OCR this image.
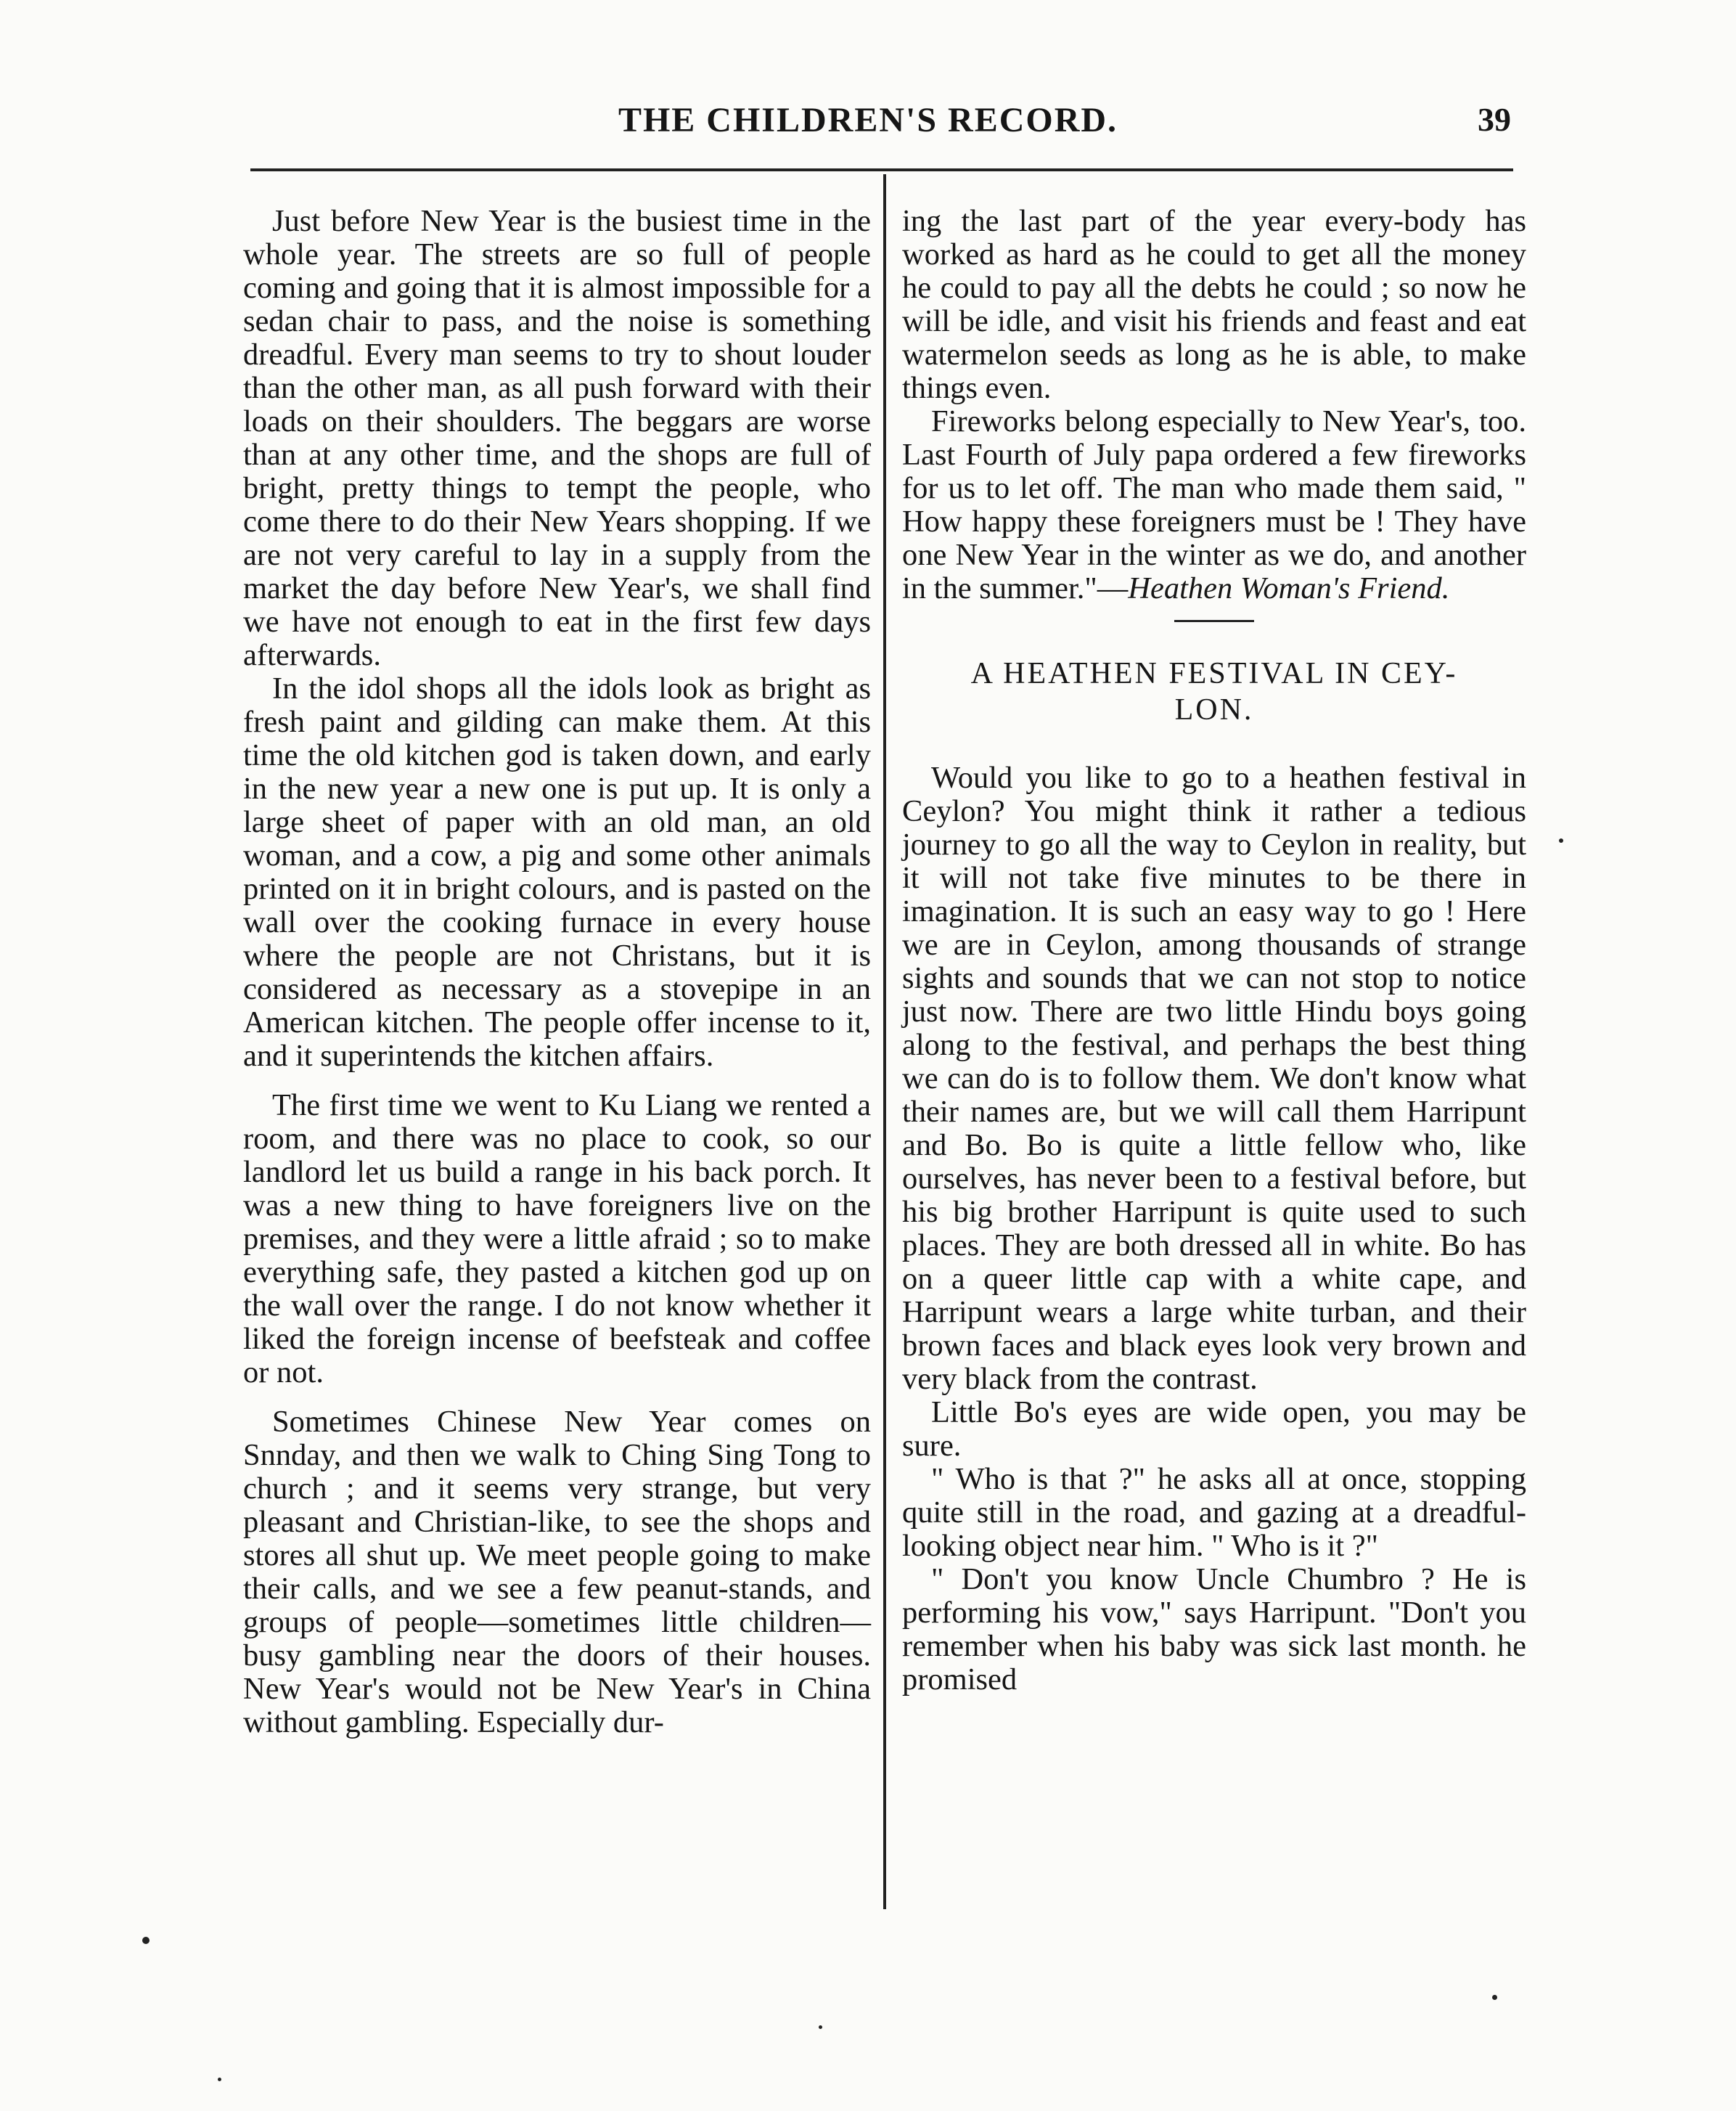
THE CHILDREN'S RECORD.	39

Just before New Year is the busiest time in the whole year. The streets are so full of people coming and going that it is almost impossible for a sedan chair to pass, and the noise is something dreadful. Every man seems to try to shout louder than the other man, as all push forward with their loads on their shoulders. The beggars are worse than at any other time, and the shops are full of bright, pretty things to tempt the people, who come there to do their New Years shopping. If we are not very careful to lay in a supply from the market the day before New Year's, we shall find we have not enough to eat in the first few days afterwards.

In the idol shops all the idols look as bright as fresh paint and gilding can make them. At this time the old kitchen god is taken down, and early in the new year a new one is put up. It is only a large sheet of paper with an old man, an old woman, and a cow, a pig and some other animals printed on it in bright colours, and is pasted on the wall over the cooking furnace in every house where the people are not Christans, but it is considered as necessary as a stovepipe in an American kitchen. The people offer incense to it, and it superintends the kitchen affairs.

The first time we went to Ku Liang we rented a room, and there was no place to cook, so our landlord let us build a range in his back porch. It was a new thing to have foreigners live on the premises, and they were a little afraid ; so to make everything safe, they pasted a kitchen god up on the wall over the range. I do not know whether it liked the foreign incense of beefsteak and coffee or not.

Sometimes Chinese New Year comes on Snnday, and then we walk to Ching Sing Tong to church ; and it seems very strange, but very pleasant and Christian-like, to see the shops and stores all shut up. We meet people going to make their calls, and we see a few peanut-stands, and groups of people—sometimes little children—busy gambling near the doors of their houses. New Year's would not be New Year's in China without gambling. Especially dur-

ing the last part of the year every-body has worked as hard as he could to get all the money he could to pay all the debts he could ; so now he will be idle, and visit his friends and feast and eat watermelon seeds as long as he is able, to make things even.

Fireworks belong especially to New Year's, too. Last Fourth of July papa ordered a few fireworks for us to let off. The man who made them said, " How happy these foreigners must be ! They have one New Year in the winter as we do, and another in the summer."—Heathen Woman's Friend.

A HEATHEN FESTIVAL IN CEY-
LON.

Would you like to go to a heathen festival in Ceylon? You might think it rather a tedious journey to go all the way to Ceylon in reality, but it will not take five minutes to be there in imagination. It is such an easy way to go ! Here we are in Ceylon, among thousands of strange sights and sounds that we can not stop to notice just now. There are two little Hindu boys going along to the festival, and perhaps the best thing we can do is to follow them. We don't know what their names are, but we will call them Harripunt and Bo. Bo is quite a little fellow who, like ourselves, has never been to a festival before, but his big brother Harripunt is quite used to such places. They are both dressed all in white. Bo has on a queer little cap with a white cape, and Harripunt wears a large white turban, and their brown faces and black eyes look very brown and very black from the contrast.

Little Bo's eyes are wide open, you may be sure.

" Who is that ?" he asks all at once, stopping quite still in the road, and gazing at a dreadful-looking object near him. " Who is it ?"

" Don't you know Uncle Chumbro ? He is performing his vow," says Harripunt. "Don't you remember when his baby was sick last month. he promised
